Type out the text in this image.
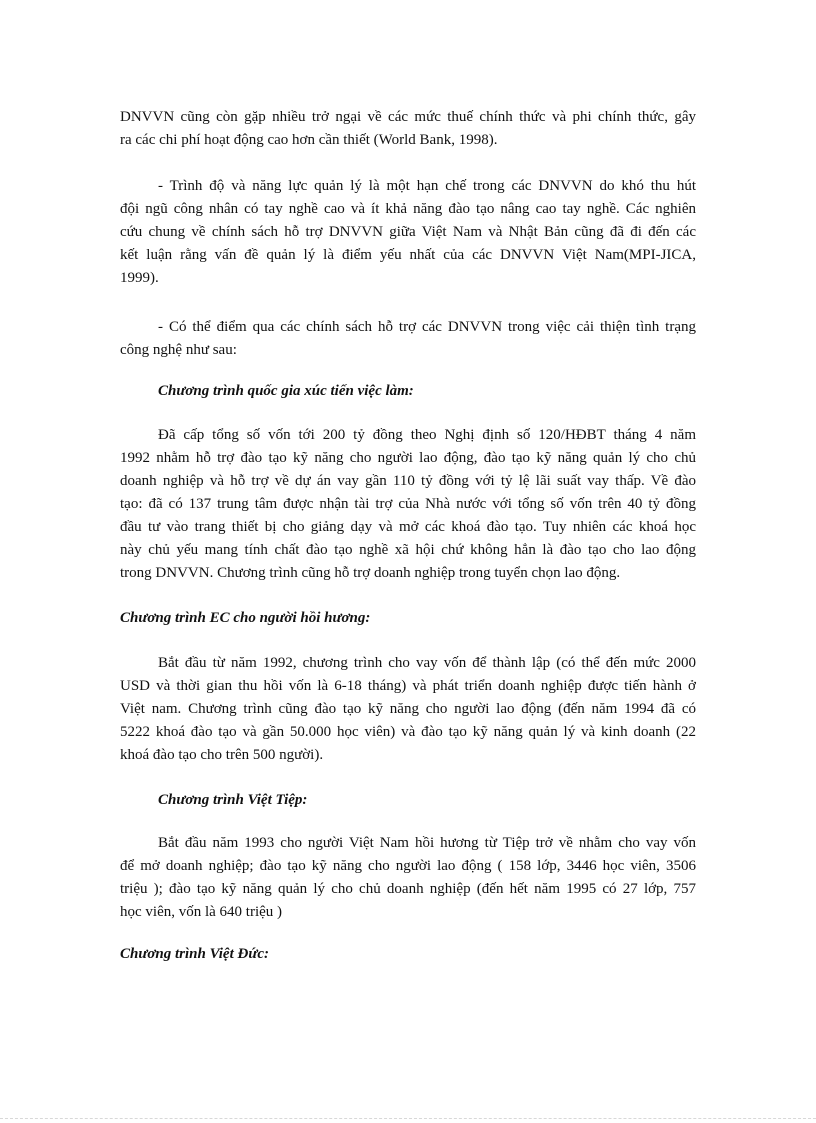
DNVVN cũng còn gặp nhiều trở ngại về các mức thuế chính thức và phi chính thức, gây
ra các chi phí hoạt động cao hơn cần thiết (World Bank, 1998).
- Trình độ và năng lực quản lý là một hạn chế trong các DNVVN do khó thu hút
đội ngũ công nhân có tay nghề cao và ít khả năng đào tạo nâng cao tay nghề. Các nghiên
cứu chung về chính sách hỗ trợ DNVVN giữa Việt Nam và Nhật Bản cũng đã đi đến các
kết luận rằng vấn đề quản lý là điểm yếu nhất của các DNVVN Việt Nam(MPI-JICA,
1999).
- Có thể điểm qua các chính sách hỗ trợ các DNVVN trong việc cải thiện tình trạng
công nghệ như sau:
Chương trình quốc gia xúc tiến việc làm:
Đã cấp tổng số vốn tới 200 tỷ đồng theo Nghị định số 120/HĐBT tháng 4 năm
1992 nhằm hỗ trợ đào tạo kỹ năng cho người lao động, đào tạo kỹ năng quản lý cho chủ
doanh nghiệp và hỗ trợ về dự án vay gần 110 tỷ đồng với tỷ lệ lãi suất vay thấp. Về đào
tạo: đã có 137 trung tâm được nhận tài trợ của Nhà nước với tổng số vốn trên 40 tỷ đồng
đầu tư vào trang thiết bị cho giảng dạy và mở các khoá đào tạo. Tuy nhiên các khoá học
này chủ yếu mang tính chất đào tạo nghề xã hội chứ không hẳn là đào tạo cho lao động
trong DNVVN. Chương trình cũng hỗ trợ doanh nghiệp trong tuyển chọn lao động.
Chương trình EC cho người hồi hương:
Bắt đầu từ năm 1992, chương trình cho vay vốn để thành lập (có thể đến mức 2000
USD và thời gian thu hồi vốn là 6-18 tháng) và phát triển doanh nghiệp được tiến hành ở
Việt nam. Chương trình cũng đào tạo kỹ năng cho người lao động (đến năm 1994 đã có
5222 khoá đào tạo và gần 50.000 học viên) và đào tạo kỹ năng quản lý và kinh doanh (22
khoá đào tạo cho trên 500 người).
Chương trình Việt Tiệp:
Bắt đầu năm 1993 cho người Việt Nam hồi hương từ Tiệp trở về nhằm cho vay vốn
để mở doanh nghiệp; đào tạo kỹ năng cho người lao động ( 158 lớp, 3446 học viên, 3506
triệu ); đào tạo kỹ năng quản lý cho chủ doanh nghiệp (đến hết năm 1995 có 27 lớp, 757
học viên, vốn là 640 triệu )
Chương trình Việt Đức:
